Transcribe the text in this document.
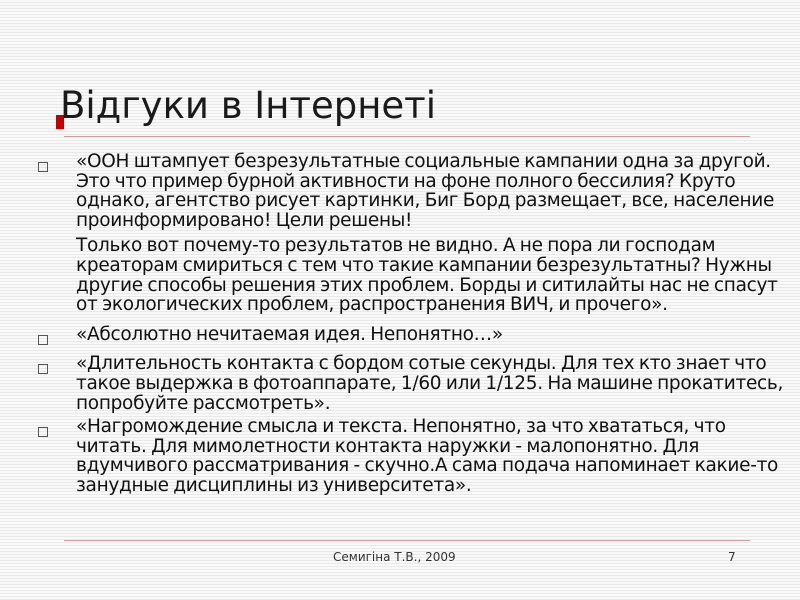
Відгуки в Інтернеті

«ООН штампует безрезультатные социальные кампании одна за другой. Это что пример бурной активности на фоне полного бессилия? Круто однако, агентство рисует картинки, Биг Борд размещает, все, население проинформировано! Цели решены!

Только вот почему-то результатов не видно. А не пора ли господам креаторам смириться с тем что такие кампании безрезультатны? Нужны другие способы решения этих проблем. Борды и ситилайты нас не спасут от экологических проблем, распространения ВИЧ, и прочего».

«Абсолютно нечитаемая идея. Непонятно…»

«Длительность контакта с бордом сотые секунды. Для тех кто знает что такое выдержка в фотоаппарате, 1/60 или 1/125. На машине прокатитесь, попробуйте рассмотреть».

«Нагромождение смысла и текста. Непонятно, за что хвататься, что читать. Для мимолетности контакта наружки - малопонятно. Для вдумчивого рассматривания - скучно.А сама подача напоминает какие-то занудные дисциплины из университета».

Семигіна Т.В., 2009	7
